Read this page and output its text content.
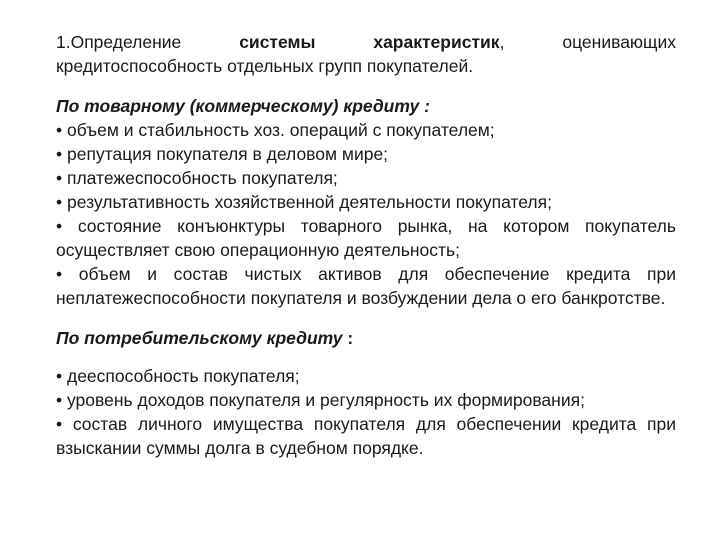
1.Определение	системы	характеристик, оценивающих кредитоспособность отдельных групп покупателей.

По товарному (коммерческому) кредиту :

• объем и стабильность хоз. операций с покупателем;

• репутация покупателя в деловом мире;

• платежеспособность покупателя;

• результативность хозяйственной деятельности покупателя;

• состояние конъюнктуры товарного рынка, на котором покупатель осуществляет свою операционную деятельность;

• объем и состав чистых активов для обеспечение кредита при неплатежеспособности покупателя и возбуждении дела о его банкротстве.

По потребительскому кредиту :

• дееспособность покупателя;

• уровень доходов покупателя и регулярность их формирования;

• состав личного имущества покупателя для обеспечении кредита при взыскании суммы долга в судебном порядке.
